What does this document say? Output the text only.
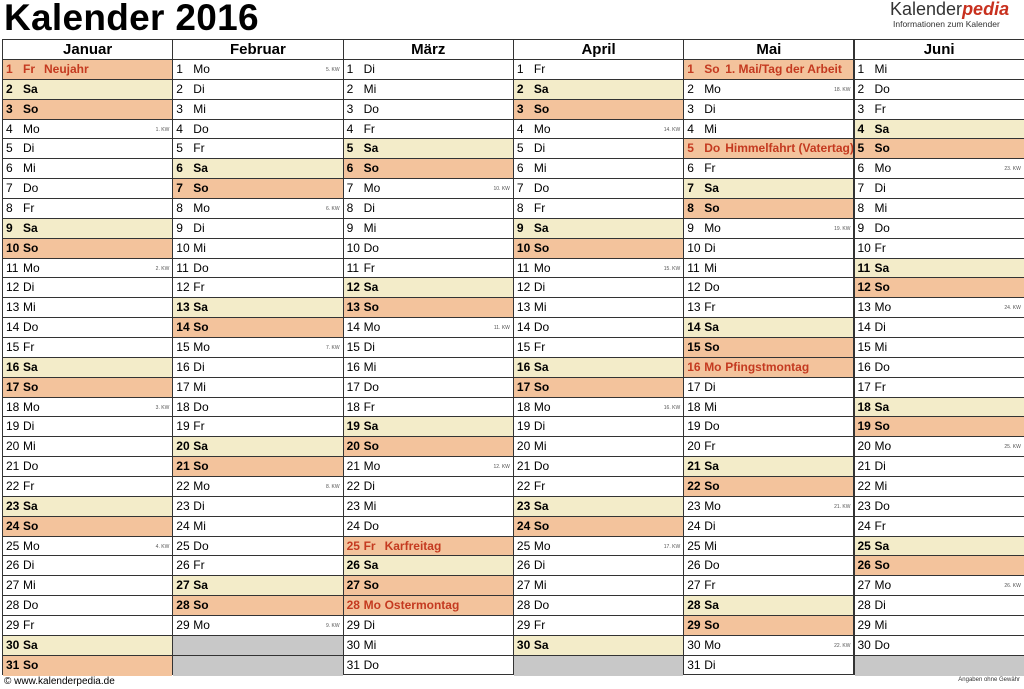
Kalender 2016	Kalenderpedia
Informationen zum Kalender
Januar
1 Fr Neujahr
2 Sa
3 So
4 Mo	1. KW
5 Di
6 Mi
7 Do
8 Fr
9 Sa
10 So
11 Mo	2. KW
12 Di
13 Mi
14 Do
15 Fr
16 Sa
17 So
18 Mo	3. KW
19 Di
20 Mi
21 Do
22 Fr
23 Sa
24 So
25 Mo	4. KW
26 Di
27 Mi
28 Do
29 Fr
30 Sa
31 So
Februar
1 Mo	5. KW
2 Di
3 Mi
4 Do
5 Fr
6 Sa
7 So
8 Mo	6. KW
9 Di
10 Mi
11 Do
12 Fr
13 Sa
14 So
15 Mo	7. KW
16 Di
17 Mi
18 Do
19 Fr
20 Sa
21 So
22 Mo	8. KW
23 Di
24 Mi
25 Do
26 Fr
27 Sa
28 So
29 Mo	9. KW
März
1 Di
2 Mi
3 Do
4 Fr
5 Sa
6 So
7 Mo	10. KW
8 Di
9 Mi
10 Do
11 Fr
12 Sa
13 So
14 Mo	11. KW
15 Di
16 Mi
17 Do
18 Fr
19 Sa
20 So
21 Mo	12. KW
22 Di
23 Mi
24 Do
25 Fr Karfreitag
26 Sa
27 So
28 Mo Ostermontag
29 Di
30 Mi
31 Do
April
1 Fr
2 Sa
3 So
4 Mo	14. KW
5 Di
6 Mi
7 Do
8 Fr
9 Sa
10 So
11 Mo	15. KW
12 Di
13 Mi
14 Do
15 Fr
16 Sa
17 So
18 Mo	16. KW
19 Di
20 Mi
21 Do
22 Fr
23 Sa
24 So
25 Mo	17. KW
26 Di
27 Mi
28 Do
29 Fr
30 Sa
Mai
1 So 1. Mai/Tag der Arbeit
2 Mo	18. KW
3 Di
4 Mi
5 Do Himmelfahrt (Vatertag)
6 Fr
7 Sa
8 So
9 Mo	19. KW
10 Di
11 Mi
12 Do
13 Fr
14 Sa
15 So
16 Mo Pfingstmontag
17 Di
18 Mi
19 Do
20 Fr
21 Sa
22 So
23 Mo	21. KW
24 Di
25 Mi
26 Do
27 Fr
28 Sa
29 So
30 Mo	22. KW
31 Di
Juni
1 Mi
2 Do
3 Fr
4 Sa
5 So
6 Mo	23. KW
7 Di
8 Mi
9 Do
10 Fr
11 Sa
12 So
13 Mo	24. KW
14 Di
15 Mi
16 Do
17 Fr
18 Sa
19 So
20 Mo	25. KW
21 Di
22 Mi
23 Do
24 Fr
25 Sa
26 So
27 Mo	26. KW
28 Di
29 Mi
30 Do
© www.kalenderpedia.de	Angaben ohne Gewähr
